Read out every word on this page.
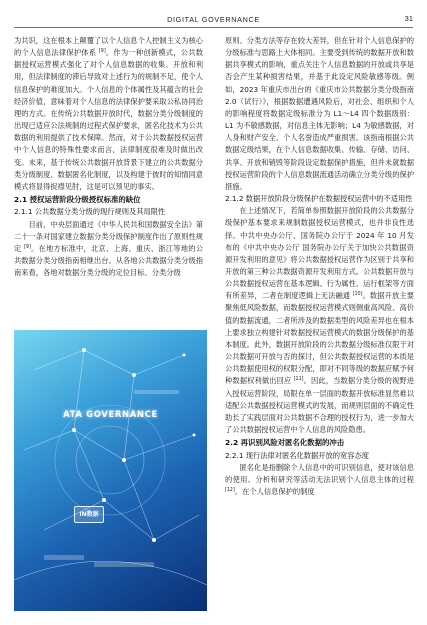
DIGITAL GOVERNANCE	31

为共识，这在根本上颠覆了以个人信息个人控制主义为核心的个人信息法律保护体系 [9]。作为一种创新模式，公共数据授权运营模式强化了对个人信息数据的收集、开放和利用，但法律制度的滞后导致对上述行为的规制不足，使个人信息保护的难度加大。个人信息的个体属性及其蕴含的社会经济价值，意味着对个人信息的法律保护要采取公私协同治理的方式。在传统公共数据开放时代，数据分类分级制度的出现已适应公法规制的过程式保护要求，匿名化技术为公共数据的利用提供了技术保障。然而，对于公共数据授权运营中个人信息的特殊性要求而言，法律制度很难及时做出改变。未来，基于传统公共数据开放背景下建立的公共数据分类分级制度、数据匿名化制度，以及构建于彼时的知情同意模式将显得捉襟见肘，这是可以预见的事实。

2.1 授权运营阶段分级授权标准的缺位
2.1.1 公共数据分类分级的现行规则及其局限性

目前，中央层面通过《中华人民共和国数据安全法》第二十一条对国家建立数据分类分级保护制度作出了原则性规定 [9]。在地方标准中，北京、上海、重庆、浙江等地的公共数据分类分级指南相继出台。从各地公共数据分类分级指南来看，各地对数据分类分级的定位目标、分类分级

ATA GOVERNANCE
IN数据

原则、分类方法等存在较大差异，但在针对个人信息保护的分级标准与思路上大体相同。主要受到传统的数据开放和数据共享模式的影响，重点关注个人信息数据的开放或共享是否会产生某种损害结果，并基于此设定风险敏感等级。例如，2023 年重庆市出台的《重庆市公共数据分类分级指南 2.0（试行）》，根据数据遭遇风险后，对社会、组织和个人的影响程度将数据定级标准分为 L1～L4 四个数据级别：L1 为不敏感数据，对信息主体无影响；L4 为敏感数据，对人身和财产安全、个人名誉造成严重损害。该指南根据公共数据定级结果，在个人信息数据收集、传输、存储、访问、共享、开放和销毁等阶段设定数据保护措施，但并未就数据授权运营阶段的个人信息数据流通活动确立分类分级的保护措施。

2.1.2 数据开放阶段分级保护在数据授权运营中的不适用性

在上述情况下，若简单参照数据开放阶段的公共数据分级保护基本要求来规制数据授权运营模式，也并非良性选择。中共中央办公厅、国务院办公厅于 2024 年 10 月发布的《中共中央办公厅 国务院办公厅关于加快公共数据资源开发利用的意见》将公共数据授权运营作为区别于共享和开放的第三种公共数据资源开发利用方式。公共数据开放与公共数据授权运营在基本逻辑、行为属性、运行框架等方面有所差异，二者在制度逻辑上无法融通 [10]。数据开放主要聚焦低风险数据，而数据授权运营模式则侧重高风险、高价值的数据流通，二者所涉及的数据类型的风险差异也在根本上要求独立构建针对数据授权运营模式的数据分级保护的基本制度。此外，数据开放阶段的公共数据分级标准仅限于对公共数据可开放与否的探讨，但公共数据授权运营的本质是公共数据使用权的权限分配，即对不同等级的数据应赋予何种数据权利做出回应 [11]。因此，当数据分类分级的视野进入授权运营阶段，局限在单一层面的数据开放标准显然难以适配公共数据授权运营模式的发展，而规则层面的不确定性助长了实践层面对公共数据不合理的授权行为，进一步加大了公共数据授权运营中个人信息的风险隐患。

2.2 再识别风险对匿名化数据的冲击
2.2.1 现行法律对匿名化数据开放的宽容态度

匿名化是指删除个人信息中的可识别信息，使对该信息的使用、分析和研究等活动无法识别个人信息主体的过程 [12]。在个人信息保护的制度
